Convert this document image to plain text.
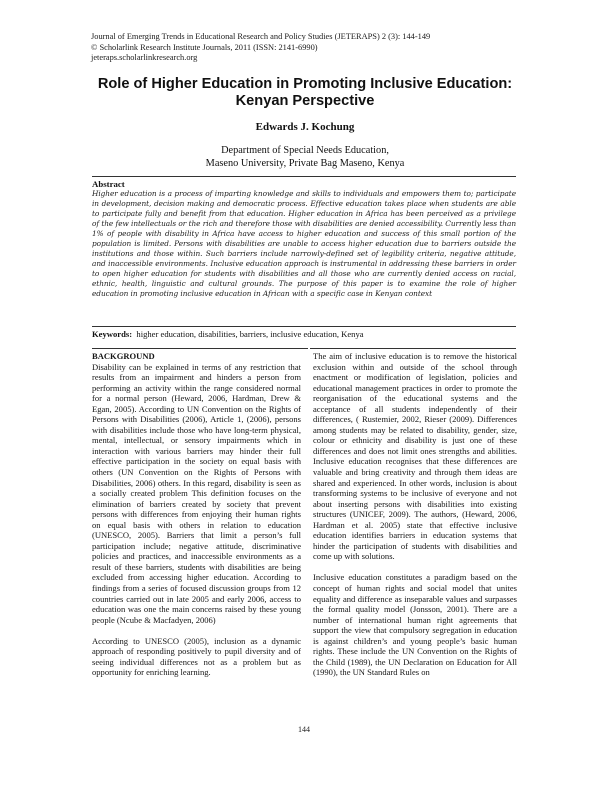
Journal of Emerging Trends in Educational Research and Policy Studies (JETERAPS) 2 (3): 144-149
© Scholarlink Research Institute Journals, 2011 (ISSN: 2141-6990)
jeteraps.scholarlinkresearch.org
Role of Higher Education in Promoting Inclusive Education:
Kenyan Perspective
Edwards J. Kochung
Department of Special Needs Education,
Maseno University, Private Bag Maseno, Kenya
Abstract
Higher education is a process of imparting knowledge and skills to individuals and empowers them to; participate in development, decision making and democratic process. Effective education takes place when students are able to participate fully and benefit from that education. Higher education in Africa has been perceived as a privilege of the few intellectuals or the rich and therefore those with disabilities are denied accessibility. Currently less than 1% of people with disability in Africa have access to higher education and success of this small portion of the population is limited. Persons with disabilities are unable to access higher education due to barriers outside the institutions and those within. Such barriers include narrowly-defined set of legibility criteria, negative attitude, and inaccessible environments. Inclusive education approach is instrumental in addressing these barriers in order to open higher education for students with disabilities and all those who are currently denied access on racial, ethnic, health, linguistic and cultural grounds. The purpose of this paper is to examine the role of higher education in promoting inclusive education in African with a specific case in Kenyan context
Keywords: higher education, disabilities, barriers, inclusive education, Kenya
BACKGROUND

Disability can be explained in terms of any restriction that results from an impairment and hinders a person from performing an activity within the range considered normal for a normal person (Heward, 2006, Hardman, Drew & Egan, 2005). According to UN Convention on the Rights of Persons with Disabilities (2006), Article 1, (2006), persons with disabilities include those who have long-term physical, mental, intellectual, or sensory impairments which in interaction with various barriers may hinder their full effective participation in the society on equal basis with others (UN Convention on the Rights of Persons with Disabilities, 2006) others. In this regard, disability is seen as a socially created problem This definition focuses on the elimination of barriers created by society that prevent persons with differences from enjoying their human rights on equal basis with others in relation to education (UNESCO, 2005). Barriers that limit a person’s full participation include; negative attitude, discriminative policies and practices, and inaccessible environments as a result of these barriers, students with disabilities are being excluded from accessing higher education. According to findings from a series of focused discussion groups from 12 countries carried out in late 2005 and early 2006, access to education was one the main concerns raised by these young people (Ncube & Macfadyen, 2006)

According to UNESCO (2005), inclusion as a dynamic approach of responding positively to pupil diversity and of seeing individual differences not as a problem but as opportunity for enriching learning.

The aim of inclusive education is to remove the historical exclusion within and outside of the school through enactment or modification of legislation, policies and educational management practices in order to promote the reorganisation of the educational systems and the acceptance of all students independently of their differences, ( Rustemier, 2002, Rieser (2009). Differences among students may be related to disability, gender, size, colour or ethnicity and disability is just one of these differences and does not limit ones strengths and abilities. Inclusive education recognises that these differences are valuable and bring creativity and through them ideas are shared and experienced. In other words, inclusion is about transforming systems to be inclusive of everyone and not about inserting persons with disabilities into existing structures (UNICEF, 2009). The authors, (Heward, 2006, Hardman et al. 2005) state that effective inclusive education identifies barriers in education systems that hinder the participation of students with disabilities and come up with solutions.

Inclusive education constitutes a paradigm based on the concept of human rights and social model that unites equality and difference as inseparable values and surpasses the formal quality model (Jonsson, 2001). There are a number of international human right agreements that support the view that compulsory segregation in education is against children’s and young people’s basic human rights. These include the UN Convention on the Rights of the Child (1989), the UN Declaration on Education for All (1990), the UN Standard Rules on

144
